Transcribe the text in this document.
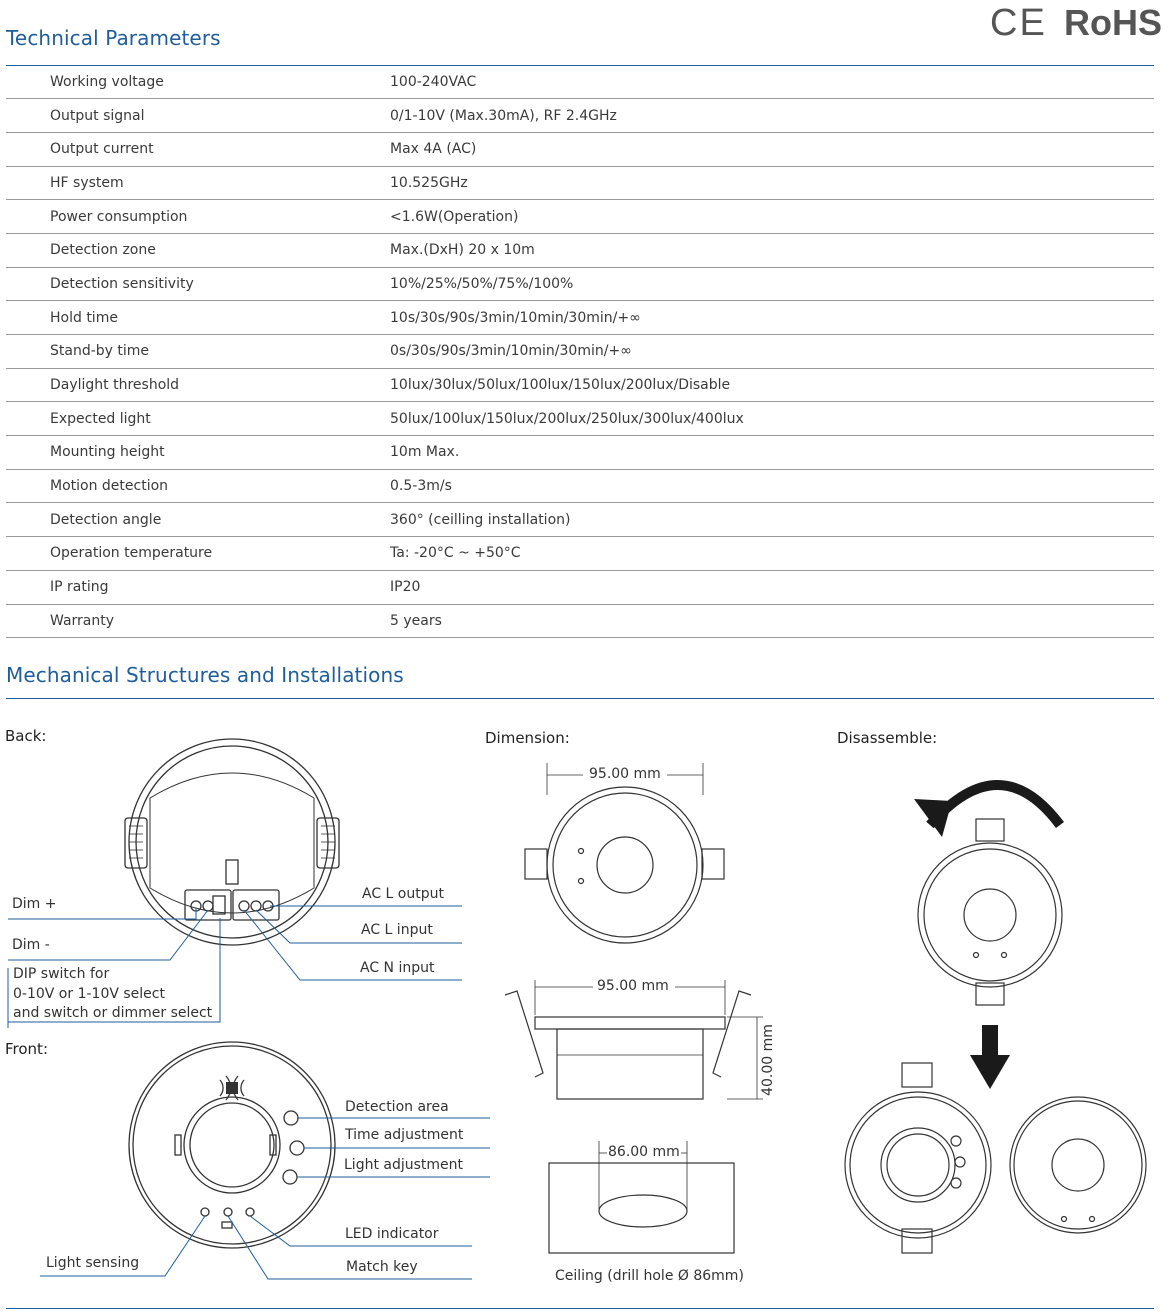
Technical Parameters	CE RoHS
Working voltage	100-240VAC
Output signal	0/1-10V (Max.30mA), RF 2.4GHz
Output current	Max 4A (AC)
HF system	10.525GHz
Power consumption	<1.6W(Operation)
Detection zone	Max.(DxH) 20 x 10m
Detection sensitivity	10%/25%/50%/75%/100%
Hold time	10s/30s/90s/3min/10min/30min/+∞
Stand-by time	0s/30s/90s/3min/10min/30min/+∞
Daylight threshold	10lux/30lux/50lux/100lux/150lux/200lux/Disable
Expected light	50lux/100lux/150lux/200lux/250lux/300lux/400lux
Mounting height	10m Max.
Motion detection	0.5-3m/s
Detection angle	360° (ceilling installation)
Operation temperature	Ta: -20°C ~ +50°C
IP rating	IP20
Warranty	5 years
Mechanical Structures and Installations
Back:	Dimension:	Disassemble:
Front:
Dim +
Dim -
DIP switch for
0-10V or 1-10V select
and switch or dimmer select
AC L output
AC L input
AC N input
Detection area
Time adjustment
Light adjustment
LED indicator
Light sensing	Match key
95.00 mm
95.00 mm
40.00 mm
86.00 mm
Ceiling (drill hole Ø 86mm)
